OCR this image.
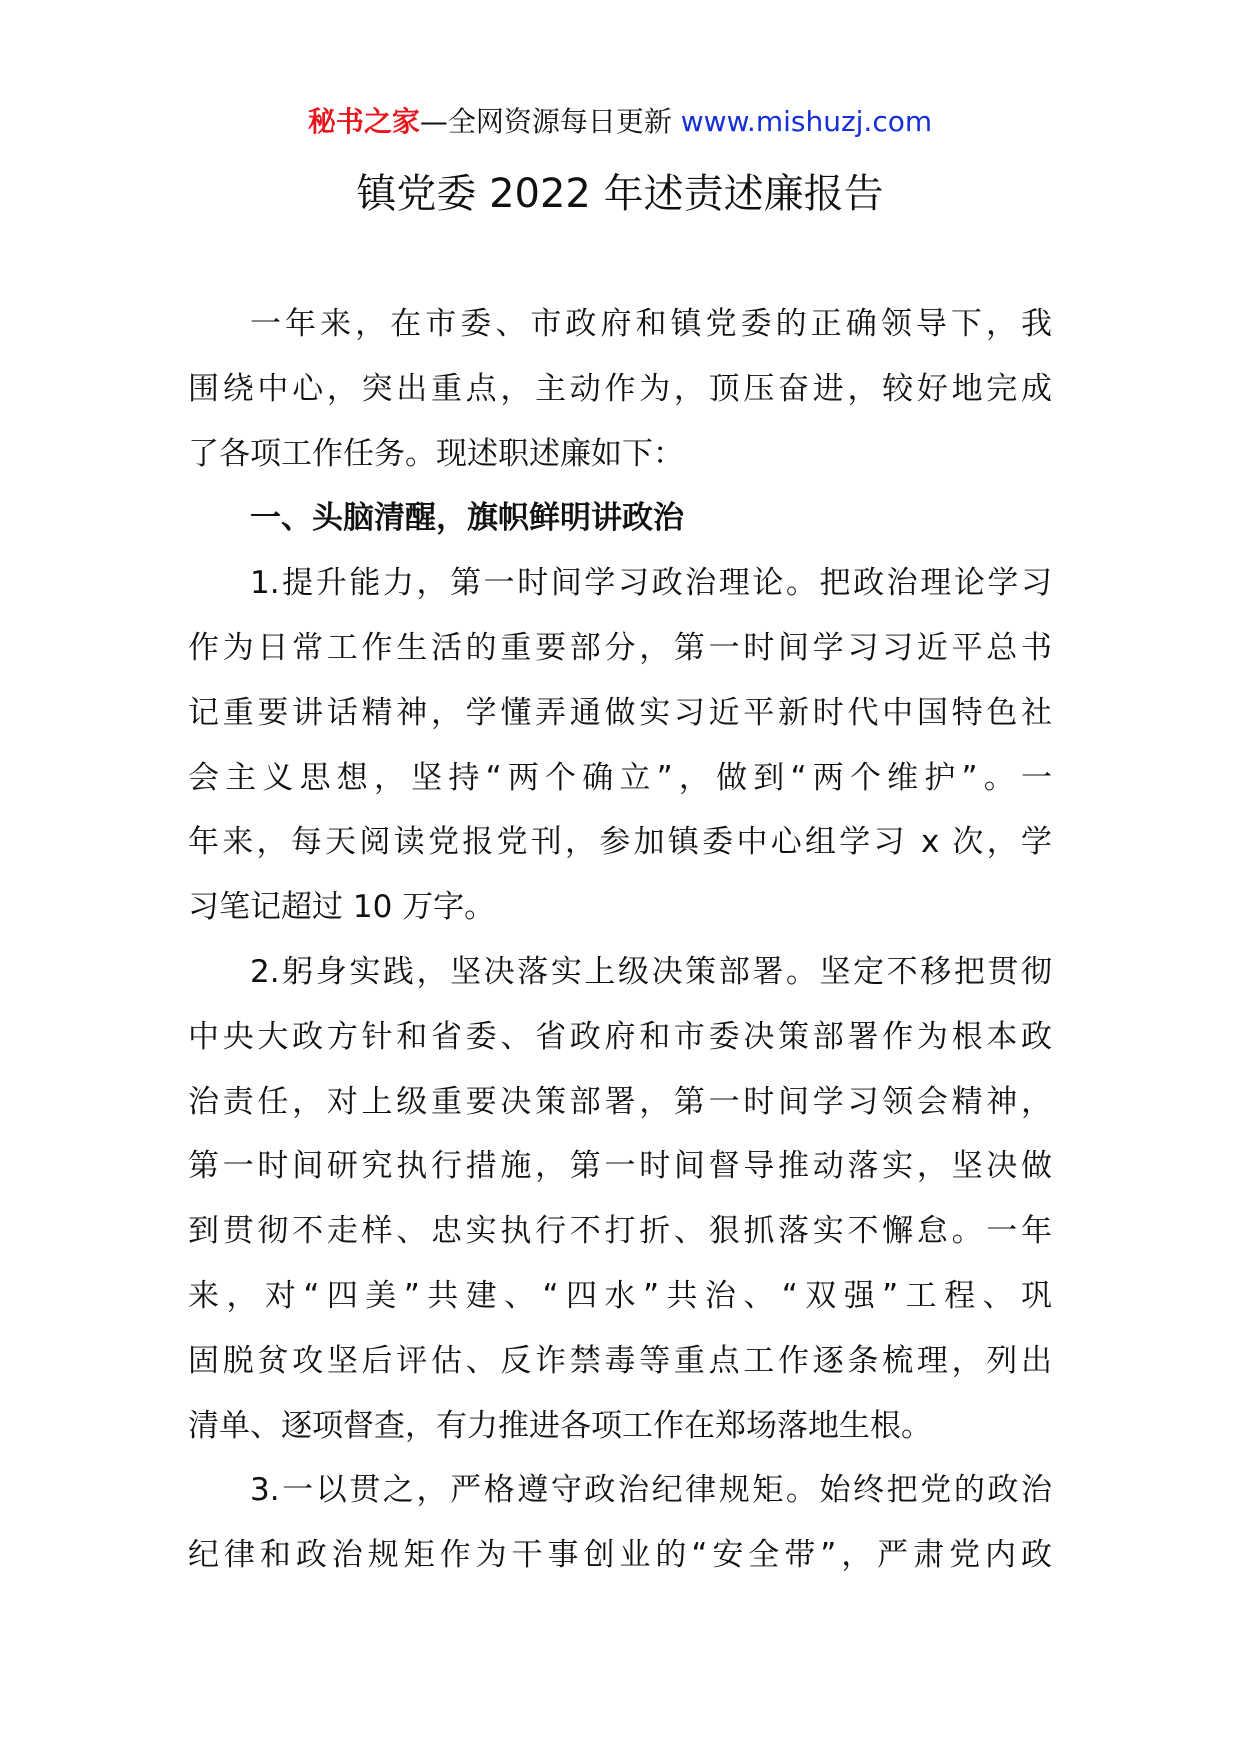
秘书之家—全网资源每日更新 www.mishuzj.com
镇党委 2022 年述责述廉报告

一年来，在市委、市政府和镇党委的正确领导下，我
围绕中心，突出重点，主动作为，顶压奋进，较好地完成
了各项工作任务。现述职述廉如下：

一、头脑清醒，旗帜鲜明讲政治

1.提升能力，第一时间学习政治理论。把政治理论学习
作为日常工作生活的重要部分，第一时间学习习近平总书
记重要讲话精神，学懂弄通做实习近平新时代中国特色社
会主义思想，坚持“两个确立”，做到“两个维护”。一
年来，每天阅读党报党刊，参加镇委中心组学习 x 次，学
习笔记超过 10 万字。

2.躬身实践，坚决落实上级决策部署。坚定不移把贯彻
中央大政方针和省委、省政府和市委决策部署作为根本政
治责任，对上级重要决策部署，第一时间学习领会精神，
第一时间研究执行措施，第一时间督导推动落实，坚决做
到贯彻不走样、忠实执行不打折、狠抓落实不懈怠。一年
来，对“四美”共建、“四水”共治、“双强”工程、巩
固脱贫攻坚后评估、反诈禁毒等重点工作逐条梳理，列出
清单、逐项督查，有力推进各项工作在郑场落地生根。

3.一以贯之，严格遵守政治纪律规矩。始终把党的政治
纪律和政治规矩作为干事创业的“安全带”，严肃党内政
